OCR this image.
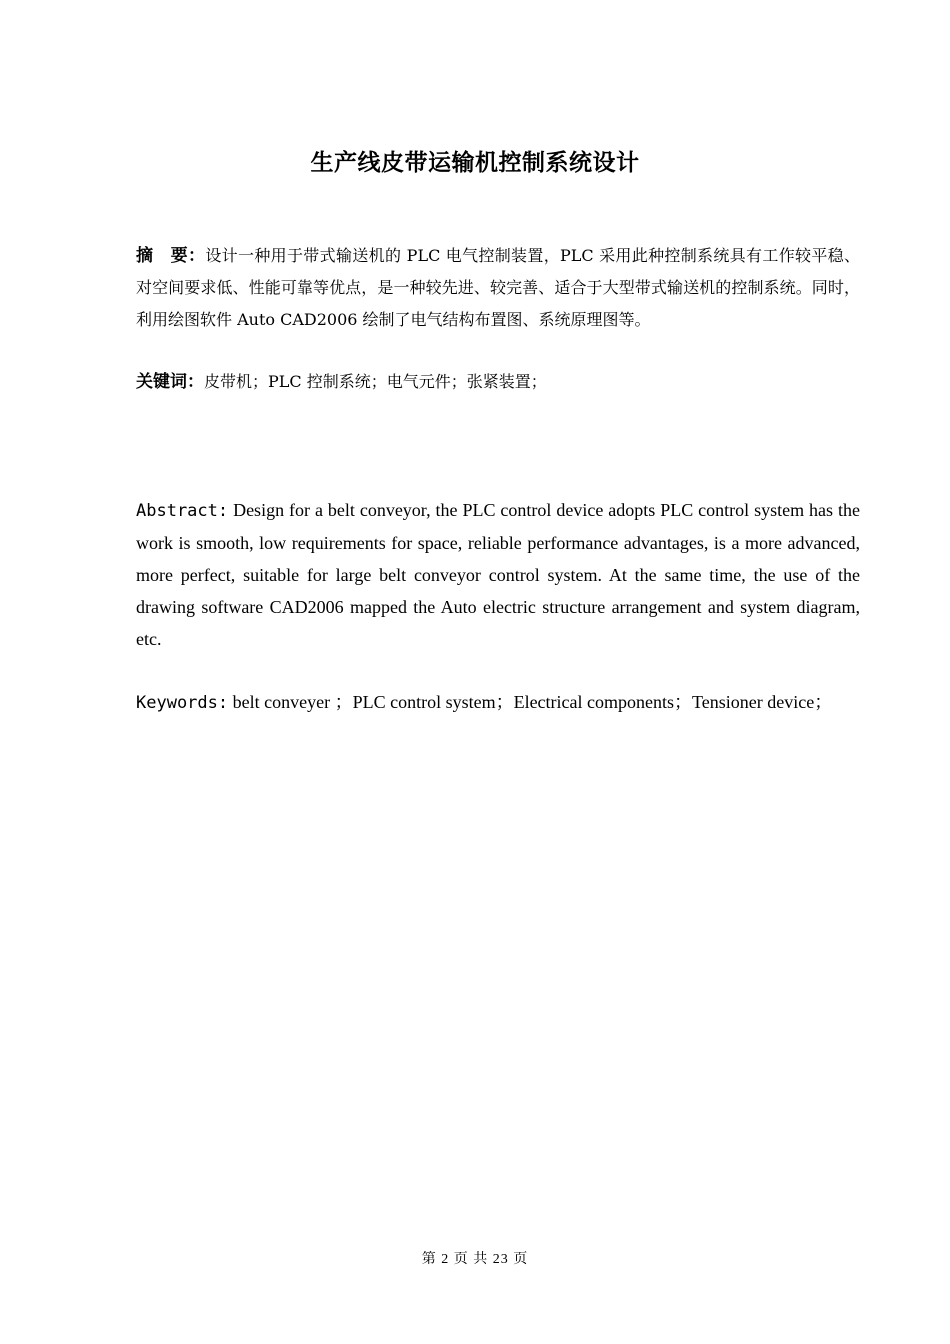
生产线皮带运输机控制系统设计
摘　要：设计一种用于带式输送机的 PLC 电气控制装置，PLC 采用此种控制系统具有工作较平稳、对空间要求低、性能可靠等优点，是一种较先进、较完善、适合于大型带式输送机的控制系统。同时，利用绘图软件 Auto CAD2006 绘制了电气结构布置图、系统原理图等。
关键词：皮带机；PLC 控制系统；电气元件；张紧装置；
Abstract: Design for a belt conveyor, the PLC control device adopts PLC control system has the work is smooth, low requirements for space, reliable performance advantages, is a more advanced, more perfect, suitable for large belt conveyor control system. At the same time, the use of the drawing software CAD2006 mapped the Auto electric structure arrangement and system diagram, etc.
Keywords: belt conveyer ；PLC control system；Electrical components；Tensioner device；
第 2 页 共 23 页
